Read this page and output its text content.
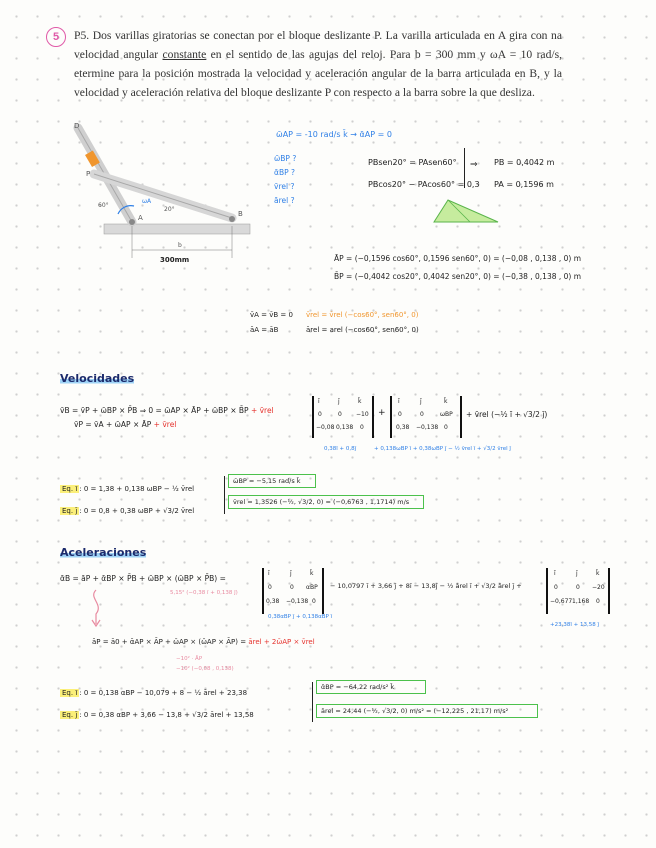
5	P5. Dos varillas giratorias se conectan por el bloque deslizante P. La varilla articulada en A gira con na velocidad angular constante en el sentido de las agujas del reloj. Para b = 300 mm y ωA = 10 rad/s, etermine para la posición mostrada la velocidad y aceleración angular de la barra articulada en B, y la velocidad y aceleración relativa del bloque deslizante P con respecto a la barra sobre la que desliza.
D
P
A	B
60°
20°
ωA
b
300mm
ω̄AP = -10 rad/s k̄ → ᾱAP = 0
ω̄BP ?
ᾱBP ?
v̄rel ?
ārel ?
PBsen20° = PAsen60°
PBcos20° − PAcos60° = 0,3
⇒ PB = 0,4042 m
PA = 0,1596 m
ĀP = (−0,1596 cos60°, 0,1596 sen60°, 0) = (−0,08 , 0,138 , 0) m
B̄P = (−0,4042 cos20°, 0,4042 sen20°, 0) = (−0,38 , 0,138 , 0) m
v̄A = v̄B = 0
āA = āB
v̄rel = v̄rel (−cos60°, sen60°, 0)
ārel = arel (−cos60°, sen60°, 0)
Velocidades
v̄B = v̄P + ω̄BP × P̄B ⇒ 0 = ω̄AP × ĀP + ω̄BP × B̄P + v̄rel
v̄P = v̄A + ω̄AP × ĀP + v̄rel
+
ī	j̄	k̄
0	0 −10
−0,08 0,138 0
ī	j̄	k̄
0	0	ωBP
0,38 −0,138 0
+ v̄rel (−½ ī + √3/2 j̄)
0,38ī + 0,8j̄	+ 0,138ωBP ī + 0,38ωBP j̄ − ½ v̄rel ī + √3/2 v̄rel j̄
Eq. ī : 0 = 1,38 + 0,138 ωBP − ½ v̄rel
Eq. j̄ : 0 = 0,8 + 0,38 ωBP + √3/2 v̄rel
ω̄BP = −5,15 rad/s k̄
v̄rel = 1,3526 (−½, √3/2, 0) = (−0,6763 , 1,1714) m/s
Aceleraciones
ᾱB = āP + ᾱBP × P̄B + ω̄BP × (ω̄BP × P̄B) =
5,15² (−0,38 ī + 0,138 j̄)
ī	j̄	k̄
0	0 αBP
0,38 −0,138 0
− 10,0797 ī + 3,66 j̄ + 8ī − 13,8j̄ − ½ ārel ī + √3/2 ārel j̄ +
ī	j̄	k̄
0	0 −20
−0,677 1,168 0
0,38αBP j̄ + 0,138αBP ī
+23,38ī + 13,58 j̄
āP = ā0 + ᾱAP × ĀP + ω̄AP × (ω̄AP × ĀP) = ārel + 2ω̄AP × v̄rel
−10² · ĀP
−10² (−0,08 , 0,138)
Eq. ī : 0 = 0,138 αBP − 10,079 + 8 − ½ ārel + 23,38
Eq. j̄ : 0 = 0,38 αBP + 3,66 − 13,8 + √3/2 ārel + 13,58
ᾱBP = −64,22 rad/s² k̄
ārel = 24,44 (−½, √3/2, 0) m/s² = (−12,225 , 21,17) m/s²
